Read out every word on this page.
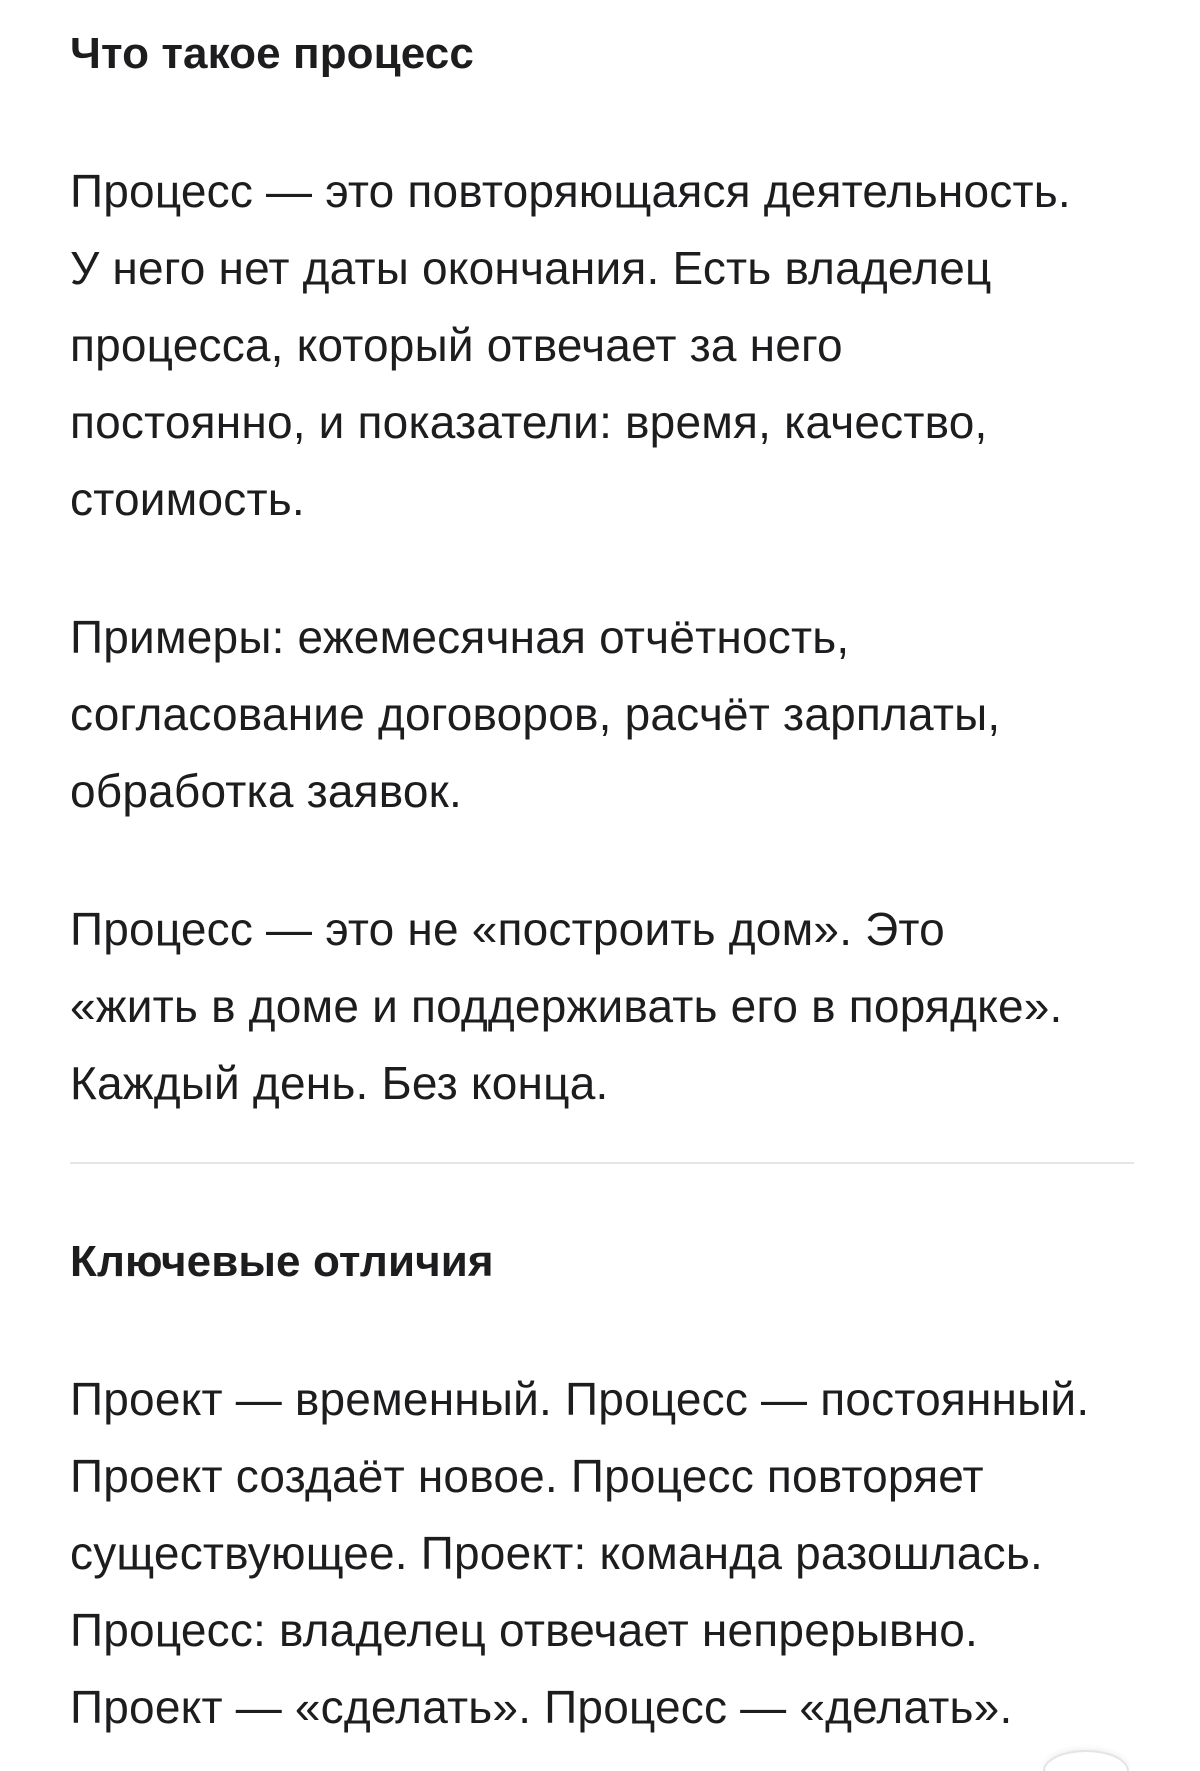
Что такое процесс
Процесс — это повторяющаяся деятельность.
У него нет даты окончания. Есть владелец
процесса, который отвечает за него
постоянно, и показатели: время, качество,
стоимость.
Примеры: ежемесячная отчётность,
согласование договоров, расчёт зарплаты,
обработка заявок.
Процесс — это не «построить дом». Это
«жить в доме и поддерживать его в порядке».
Каждый день. Без конца.
Ключевые отличия
Проект — временный. Процесс — постоянный.
Проект создаёт новое. Процесс повторяет
существующее. Проект: команда разошлась.
Процесс: владелец отвечает непрерывно.
Проект — «сделать». Процесс — «делать».
